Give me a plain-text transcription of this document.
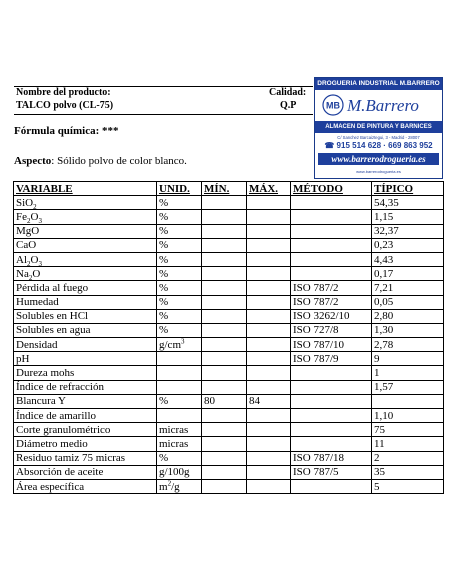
Nombre del producto:
TALCO polvo (CL-75)
Calidad:
Q.P
DROGUERIA INDUSTRIAL M.BARRERO
MB M.Barrero
ALMACEN DE PINTURA Y BARNICES
C/ Sanchez Barcaiztegui, 3 - Madrid - 28007
☎ 915 514 628 · 669 863 952
www.barrerodrogueria.es
www.barrerodrogueria.es
Fórmula química: ***
Aspecto: Sólido polvo de color blanco.
VARIABLE	UNID.	MÍN.	MÁX.	MÉTODO	TÍPICO
SiO$_2$	%				54,35
$Fe_2O_3$	%				1,15
MgO	%				32,37
CaO	%				0,23
$Al_2O_3$	%				4,43
$Na_2O$	%				0,17
Pérdida al fuego	%			ISO 787/2	7,21
Humedad	%			ISO 787/2	0,05
Solubles en HCl	%			ISO 3262/10	2,80
Solubles en agua	%			ISO 727/8	1,30
Densidad	$g/cm^3$			ISO 787/10	2,78
pH				ISO 787/9	9
Dureza mohs					1
Índice de refracción					1,57
Blancura Y	%	80	84		
Índice de amarillo					1,10
Corte granulométrico	micras				75
Diámetro medio	micras				11
Residuo tamiz 75 micras	%			ISO 787/18	2
Absorción de aceite	g/100g			ISO 787/5	35
Área específica	$m^2/g$				5
